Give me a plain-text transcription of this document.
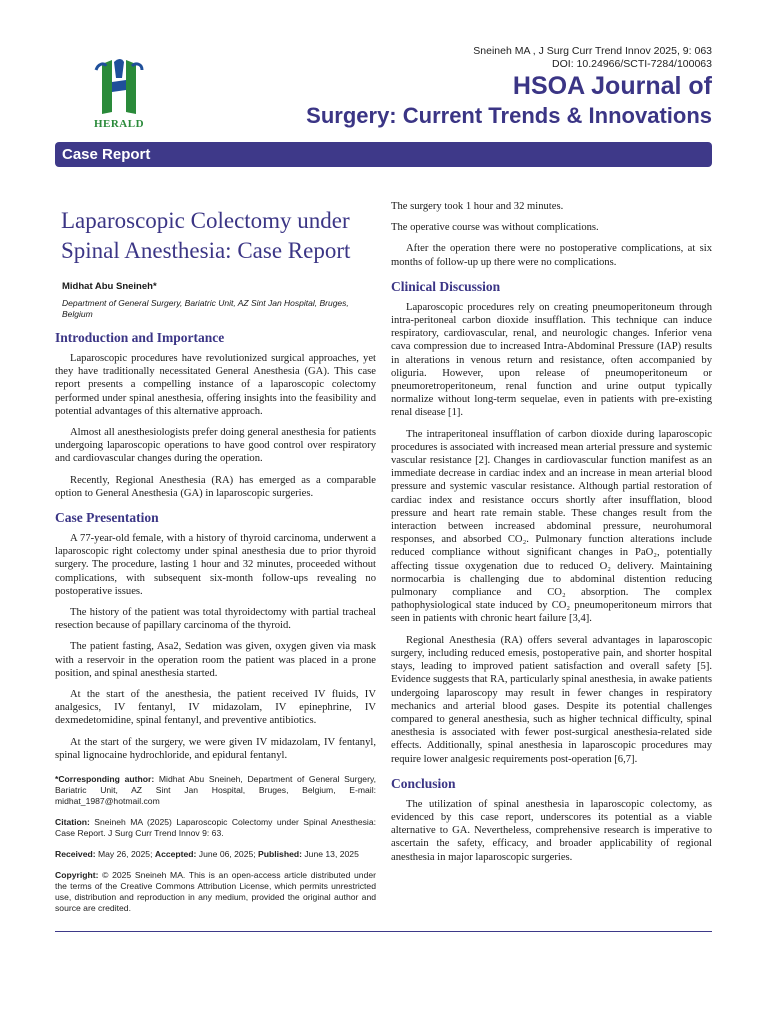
HERALD
Sneineh MA , J Surg Curr Trend Innov 2025, 9: 063
DOI: 10.24966/SCTI-7284/100063
HSOA Journal of
Surgery: Current Trends & Innovations
Case Report
Laparoscopic Colectomy under Spinal Anesthesia: Case Report
Midhat Abu Sneineh*
Department of General Surgery, Bariatric Unit, AZ Sint Jan Hospital, Bruges, Belgium
Introduction and Importance

Laparoscopic procedures have revolutionized surgical approaches, yet they have traditionally necessitated General Anesthesia (GA). This case report presents a compelling instance of a laparoscopic colectomy performed under spinal anesthesia, offering insights into the feasibility and potential advantages of this alternative approach.

Almost all anesthesiologists prefer doing general anesthesia for patients undergoing laparoscopic operations to have good control over respiratory and cardiovascular changes during the operation.

Recently, Regional Anesthesia (RA) has emerged as a comparable option to General Anesthesia (GA) in laparoscopic surgeries.

Case Presentation

A 77-year-old female, with a history of thyroid carcinoma, underwent a laparoscopic right colectomy under spinal anesthesia due to prior thyroid surgery. The procedure, lasting 1 hour and 32 minutes, proceeded without complications, with subsequent six-month follow-ups revealing no postoperative issues.

The history of the patient was total thyroidectomy with partial tracheal resection because of papillary carcinoma of the thyroid.

The patient fasting, Asa2, Sedation was given, oxygen given via mask with a reservoir in the operation room the patient was placed in a prone position, and spinal anesthesia started.

At the start of the anesthesia, the patient received IV fluids, IV analgesics, IV fentanyl, IV midazolam, IV epinephrine, IV dexmedetomidine, spinal fentanyl, and preventive antibiotics.

At the start of the surgery, we were given IV midazolam, IV fentanyl, spinal lignocaine hydrochloride, and epidural fentanyl.

*Corresponding author: Midhat Abu Sneineh, Department of General Surgery, Bariatric Unit, AZ Sint Jan Hospital, Bruges, Belgium, E-mail: midhat_1987@hotmail.com
Citation: Sneineh MA (2025) Laparoscopic Colectomy under Spinal Anesthesia: Case Report. J Surg Curr Trend Innov 9: 63.
Received: May 26, 2025; Accepted: June 06, 2025; Published: June 13, 2025
Copyright: © 2025 Sneineh MA. This is an open-access article distributed under the terms of the Creative Commons Attribution License, which permits unrestricted use, distribution and reproduction in any medium, provided the original author and source are credited.

The surgery took 1 hour and 32 minutes.

The operative course was without complications.

After the operation there were no postoperative complications, at six months of follow-up up there were no complications.

Clinical Discussion

Laparoscopic procedures rely on creating pneumoperitoneum through intra-peritoneal carbon dioxide insufflation. This technique can induce respiratory, cardiovascular, renal, and neurologic changes. Inferior vena cava compression due to increased Intra-Abdominal Pressure (IAP) results in alterations in venous return and resistance, often accompanied by oliguria. However, upon release of pneumoperitoneum or pneumoretroperitoneum, renal function and urine output typically normalize without long-term sequelae, even in patients with pre-existing renal disease [1].

The intraperitoneal insufflation of carbon dioxide during laparoscopic procedures is associated with increased mean arterial pressure and systemic vascular resistance [2]. Changes in cardiovascular function manifest as an immediate decrease in cardiac index and an increase in mean arterial blood pressure and systemic vascular resistance. Although partial restoration of cardiac index and resistance occurs shortly after insufflation, blood pressure and heart rate remain stable. These changes result from the interaction between increased abdominal pressure, neurohumoral responses, and absorbed CO₂. Pulmonary function alterations include reduced compliance without significant changes in PaO₂, potentially affecting tissue oxygenation due to reduced O₂ delivery. Maintaining normocarbia is challenging due to abdominal distention reducing pulmonary compliance and CO₂ absorption. The complex pathophysiological state induced by CO₂ pneumoperitoneum mirrors that seen in patients with chronic heart failure [3,4].

Regional Anesthesia (RA) offers several advantages in laparoscopic surgery, including reduced emesis, postoperative pain, and shorter hospital stays, leading to improved patient satisfaction and overall safety [5]. Evidence suggests that RA, particularly spinal anesthesia, in awake patients undergoing laparoscopy may result in fewer changes in respiratory mechanics and arterial blood gases. Despite its potential challenges compared to general anesthesia, such as higher technical difficulty, spinal anesthesia is associated with fewer post-surgical anesthesia-related side effects. Additionally, spinal anesthesia in laparoscopic procedures may require lower analgesic requirements post-operation [6,7].

Conclusion

The utilization of spinal anesthesia in laparoscopic colectomy, as evidenced by this case report, underscores its potential as a viable alternative to GA. Nevertheless, comprehensive research is imperative to ascertain the safety, efficacy, and broader applicability of regional anesthesia in major laparoscopic surgeries.
